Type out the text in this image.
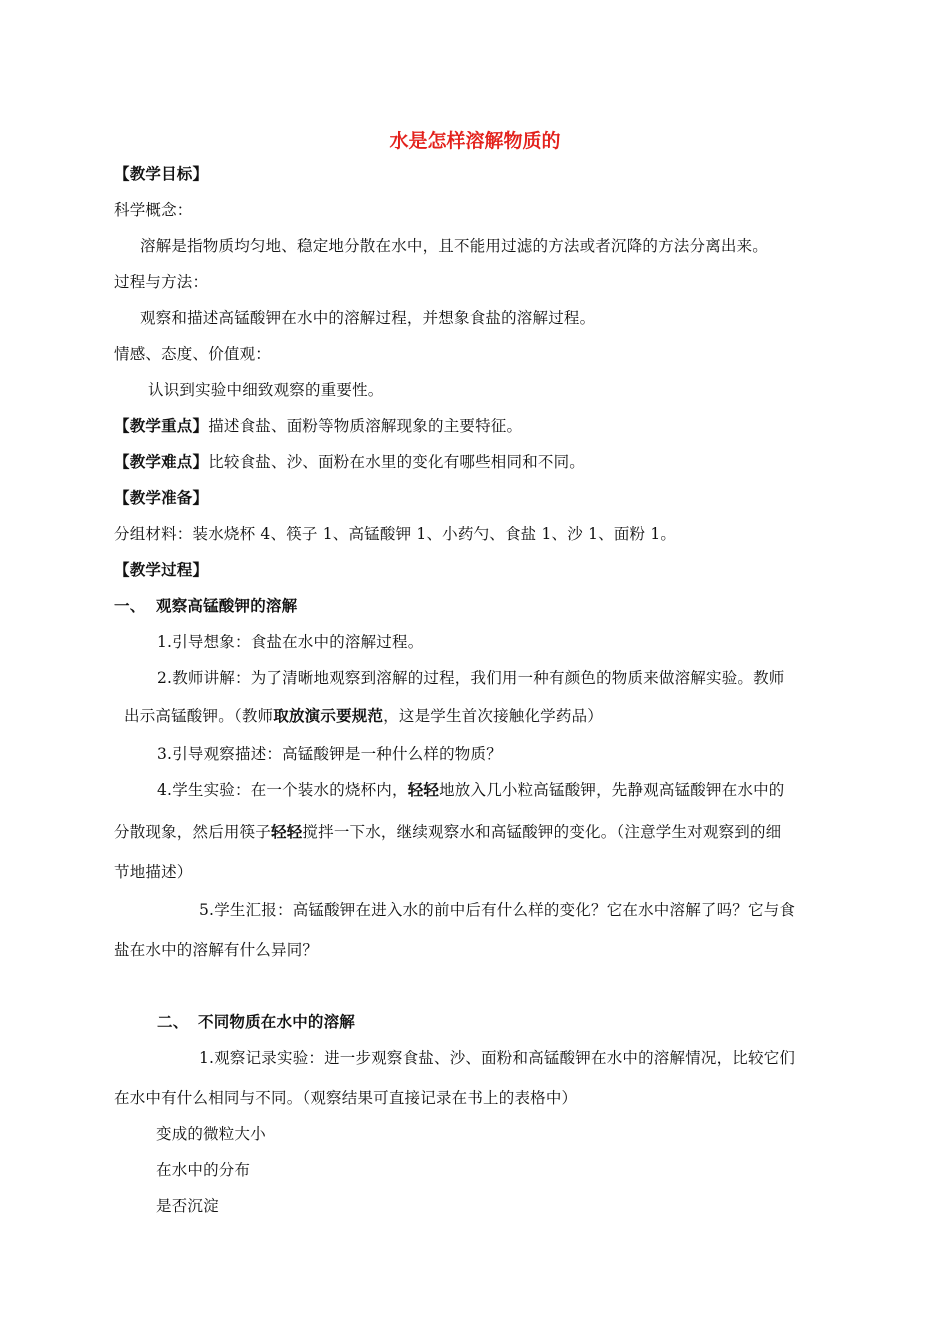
水是怎样溶解物质的
【教学目标】
科学概念：
溶解是指物质均匀地、稳定地分散在水中，且不能用过滤的方法或者沉降的方法分离出来。
过程与方法：
观察和描述高锰酸钾在水中的溶解过程，并想象食盐的溶解过程。
情感、态度、价值观：
认识到实验中细致观察的重要性。
【教学重点】描述食盐、面粉等物质溶解现象的主要特征。
【教学难点】比较食盐、沙、面粉在水里的变化有哪些相同和不同。
【教学准备】
分组材料：装水烧杯 4、筷子 1、高锰酸钾 1、小药勺、食盐 1、沙 1、面粉 1。
【教学过程】
一、 观察高锰酸钾的溶解
1.引导想象：食盐在水中的溶解过程。
2.教师讲解：为了清晰地观察到溶解的过程，我们用一种有颜色的物质来做溶解实验。教师
出示高锰酸钾。（教师取放演示要规范，这是学生首次接触化学药品）
3.引导观察描述：高锰酸钾是一种什么样的物质？
4.学生实验：在一个装水的烧杯内，轻轻地放入几小粒高锰酸钾，先静观高锰酸钾在水中的
分散现象，然后用筷子轻轻搅拌一下水，继续观察水和高锰酸钾的变化。（注意学生对观察到的细
节地描述）
5.学生汇报：高锰酸钾在进入水的前中后有什么样的变化？它在水中溶解了吗？它与食
盐在水中的溶解有什么异同？
二、 不同物质在水中的溶解
1.观察记录实验：进一步观察食盐、沙、面粉和高锰酸钾在水中的溶解情况，比较它们
在水中有什么相同与不同。（观察结果可直接记录在书上的表格中）
变成的微粒大小
在水中的分布
是否沉淀
